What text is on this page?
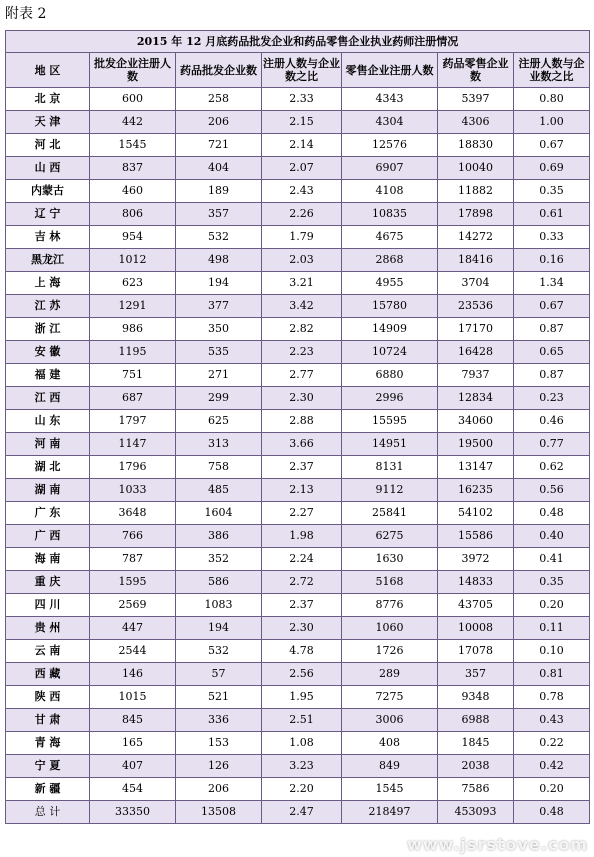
附表 2
2015 年 12 月底药品批发企业和药品零售企业执业药师注册情况						
地 区	批发企业注册人数	药品批发企业数	注册人数与企业数之比	零售企业注册人数	药品零售企业数	注册人数与企业数之比
北 京	600	258	2.33	4343	5397	0.80
天 津	442	206	2.15	4304	4306	1.00
河 北	1545	721	2.14	12576	18830	0.67
山 西	837	404	2.07	6907	10040	0.69
内蒙古	460	189	2.43	4108	11882	0.35
辽 宁	806	357	2.26	10835	17898	0.61
吉 林	954	532	1.79	4675	14272	0.33
黑龙江	1012	498	2.03	2868	18416	0.16
上 海	623	194	3.21	4955	3704	1.34
江 苏	1291	377	3.42	15780	23536	0.67
浙 江	986	350	2.82	14909	17170	0.87
安 徽	1195	535	2.23	10724	16428	0.65
福 建	751	271	2.77	6880	7937	0.87
江 西	687	299	2.30	2996	12834	0.23
山 东	1797	625	2.88	15595	34060	0.46
河 南	1147	313	3.66	14951	19500	0.77
湖 北	1796	758	2.37	8131	13147	0.62
湖 南	1033	485	2.13	9112	16235	0.56
广 东	3648	1604	2.27	25841	54102	0.48
广 西	766	386	1.98	6275	15586	0.40
海 南	787	352	2.24	1630	3972	0.41
重 庆	1595	586	2.72	5168	14833	0.35
四 川	2569	1083	2.37	8776	43705	0.20
贵 州	447	194	2.30	1060	10008	0.11
云 南	2544	532	4.78	1726	17078	0.10
西 藏	146	57	2.56	289	357	0.81
陕 西	1015	521	1.95	7275	9348	0.78
甘 肃	845	336	2.51	3006	6988	0.43
青 海	165	153	1.08	408	1845	0.22
宁 夏	407	126	3.23	849	2038	0.42
新 疆	454	206	2.20	1545	7586	0.20
总 计	33350	13508	2.47	218497	453093	0.48
www.jsrstove.com
